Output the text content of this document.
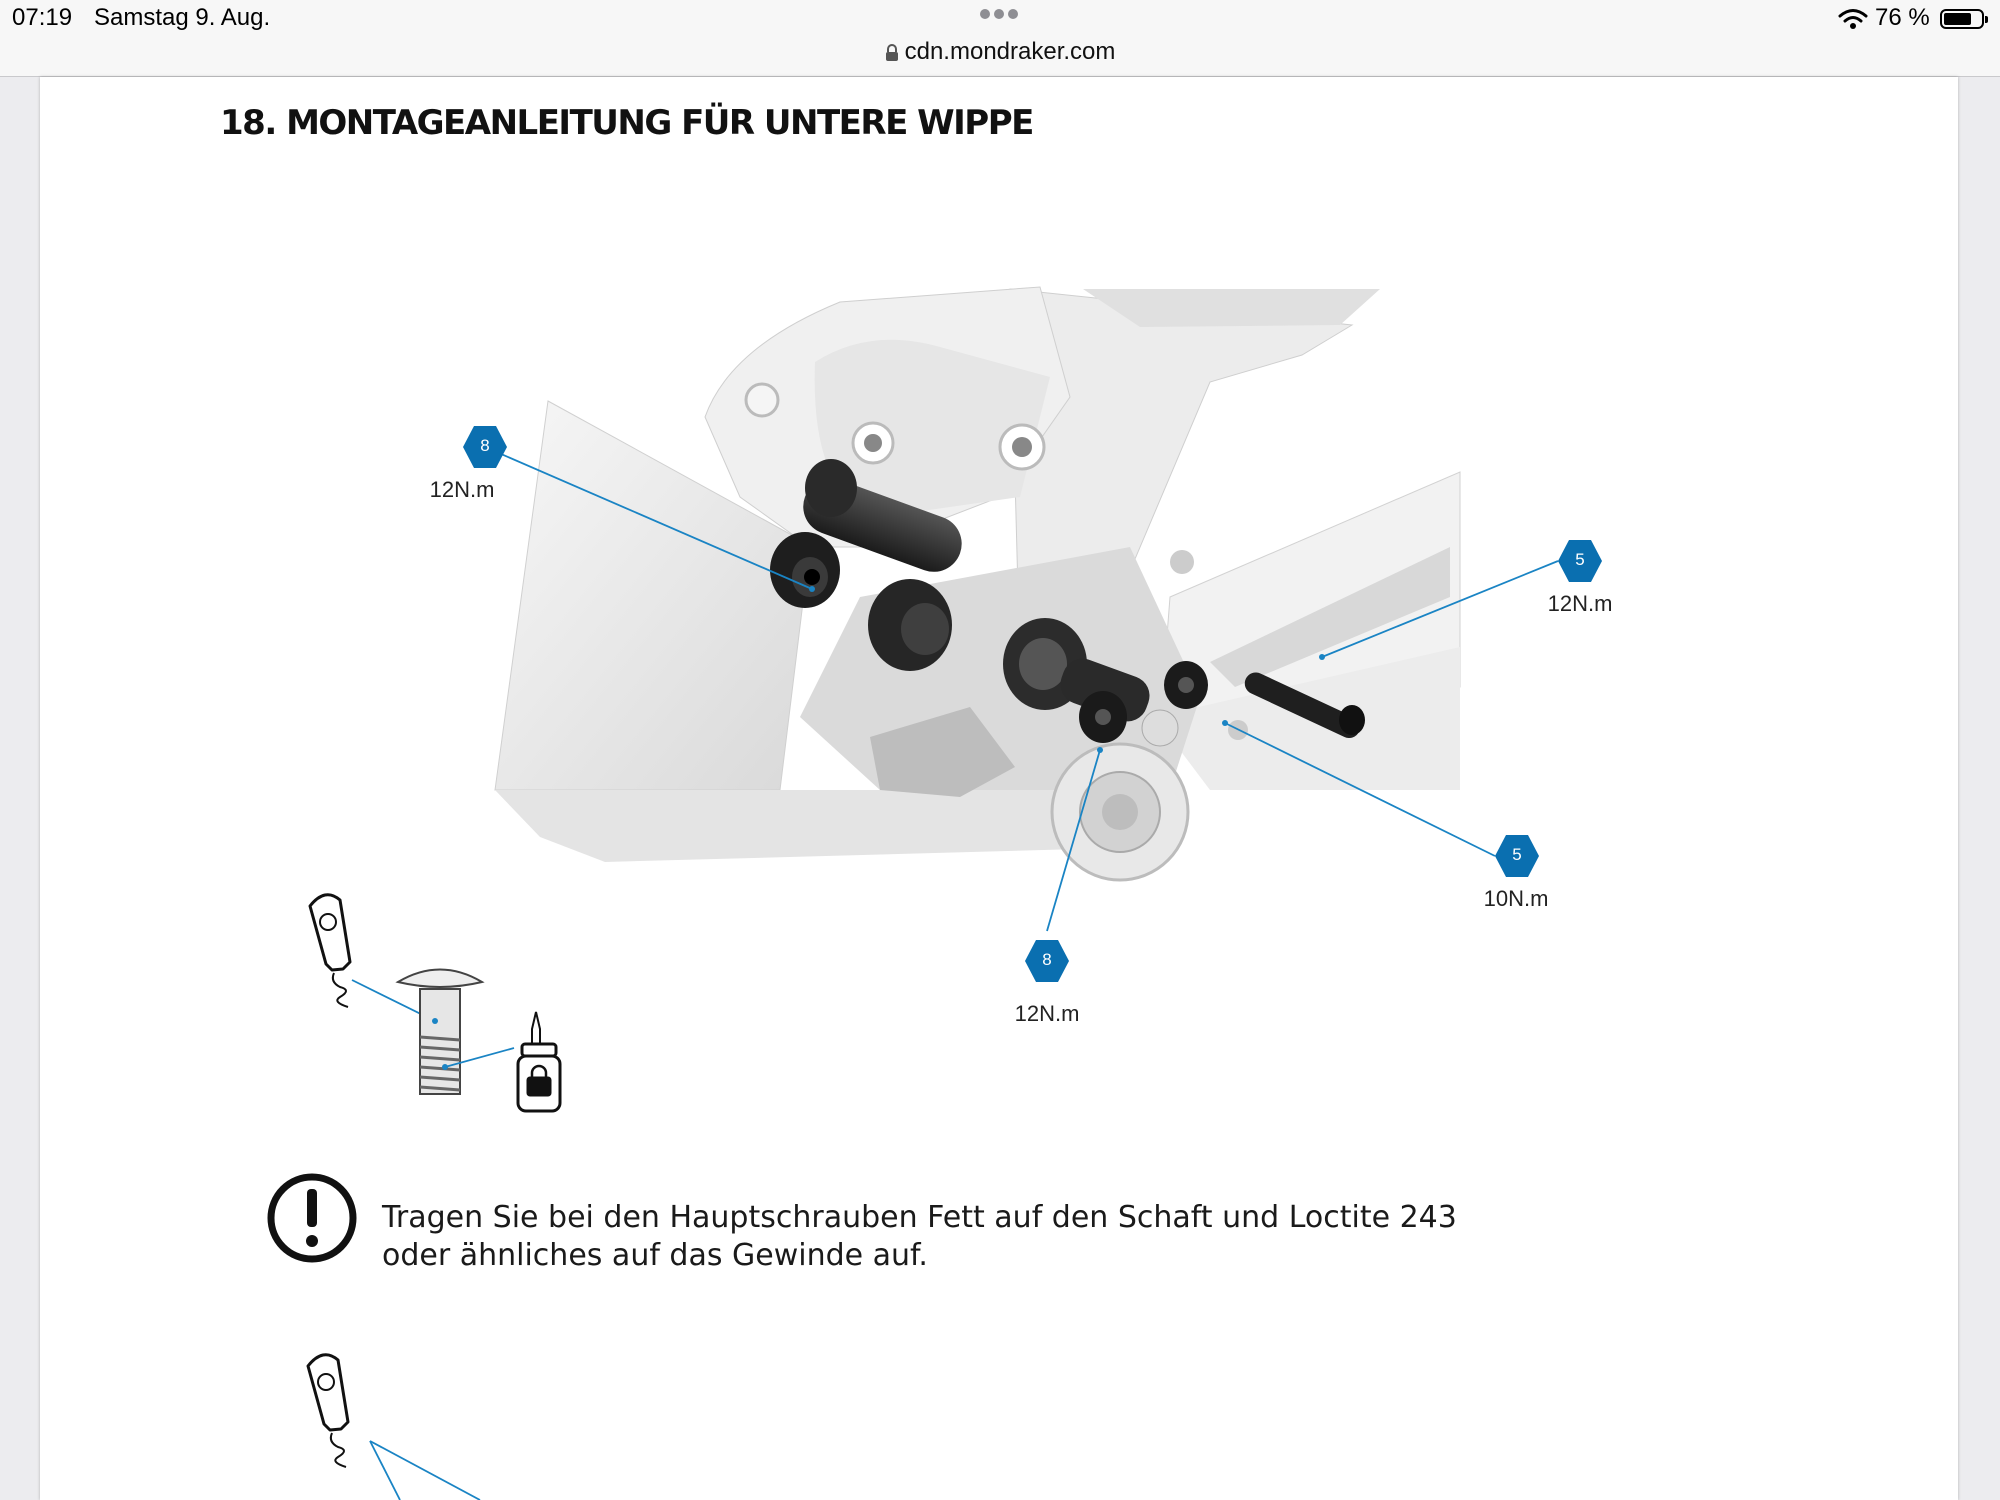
07:19 Samstag 9. Aug.
cdn.mondraker.com
76 %
18. MONTAGEANLEITUNG FÜR UNTERE WIPPE
8
5
5
8
12N.m
12N.m
10N.m
12N.m
Tragen Sie bei den Hauptschrauben Fett auf den Schaft und Loctite 243 oder ähnliches auf das Gewinde auf.
